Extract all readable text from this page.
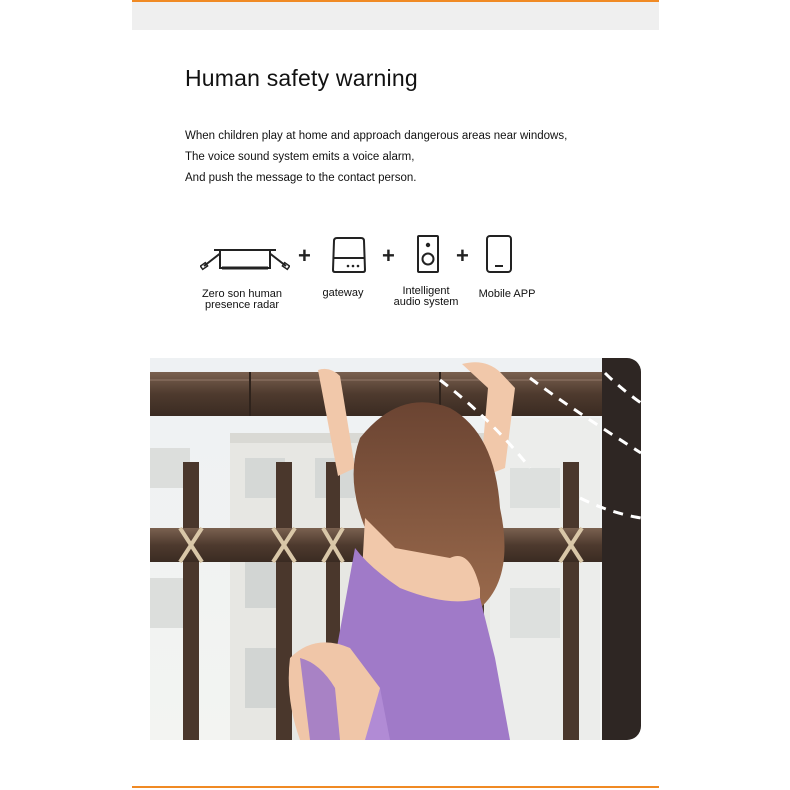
Human safety warning
When children play at home and approach dangerous areas near windows,
The voice sound system emits a voice alarm,
And push the message to the contact person.
+	+	+
Zero son human
presence radar
gateway	Intelligent
audio system
Mobile APP
